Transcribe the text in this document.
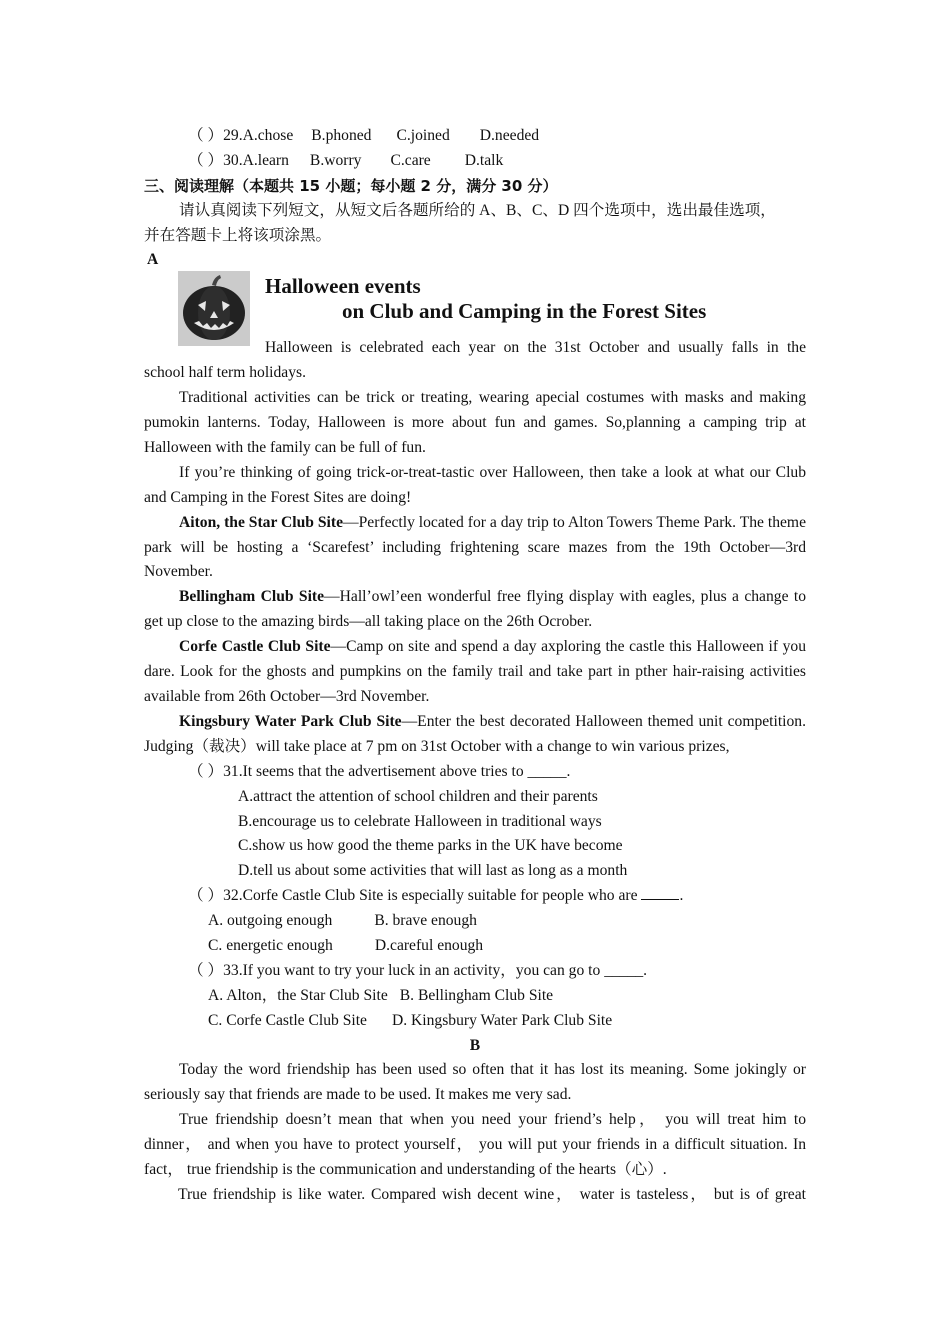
（ ）29.A.chose B.phoned C.joined D.needed
（ ）30.A.learn B.worry C.care D.talk
三、阅读理解（本题共 15 小题；每小题 2 分，满分 30 分）
请认真阅读下列短文，从短文后各题所给的 A、B、C、D 四个选项中，选出最佳选项，
并在答题卡上将该项涂黑。
A
Halloween events
on Club and Camping in the Forest Sites
Halloween is celebrated each year on the 31st October and usually falls in the
school half term holidays.
Traditional activities can be trick or treating, wearing apecial costumes with masks and making pumokin lanterns. Today, Halloween is more about fun and games. So,planning a camping trip at Halloween with the family can be full of fun.
If you’re thinking of going trick-or-treat-tastic over Halloween, then take a look at what our Club and Camping in the Forest Sites are doing!
Aiton, the Star Club Site—Perfectly located for a day trip to Alton Towers Theme Park. The theme park will be hosting a ‘Scarefest’ including frightening scare mazes from the 19th October—3rd November.
Bellingham Club Site—Hall’owl’een wonderful free flying display with eagles, plus a change to get up close to the amazing birds—all taking place on the 26th Ocrober.
Corfe Castle Club Site—Camp on site and spend a day axploring the castle this Halloween if you dare. Look for the ghosts and pumpkins on the family trail and take part in pther hair-raising activities available from 26th October—3rd November.
Kingsbury Water Park Club Site—Enter the best decorated Halloween themed unit competition. Judging（裁决）will take place at 7 pm on 31st October with a change to win various prizes,
（ ）31.It seems that the advertisement above tries to _____.
A.attract the attention of school children and their parents
B.encourage us to celebrate Halloween in traditional ways
C.show us how good the theme parks in the UK have become
D.tell us about some activities that will last as long as a month
（ ）32.Corfe Castle Club Site is especially suitable for people who are	.
A. outgoing enough	B. brave enough
C. energetic enough	D.careful enough
（ ）33.If you want to try your luck in an activity，you can go to _____.
A. Alton，the Star Club Site B. Bellingham Club Site
C. Corfe Castle Club Site D. Kingsbury Water Park Club Site
B
Today the word friendship has been used so often that it has lost its meaning. Some jokingly or seriously say that friends are made to be used. It makes me very sad.
True friendship doesn’t mean that when you need your friend’s help， you will treat him to dinner， and when you have to protect yourself， you will put your friends in a difficult situation. In fact， true friendship is the communication and understanding of the hearts（心）.
True friendship is like water. Compared wish decent wine， water is tasteless， but is of great
